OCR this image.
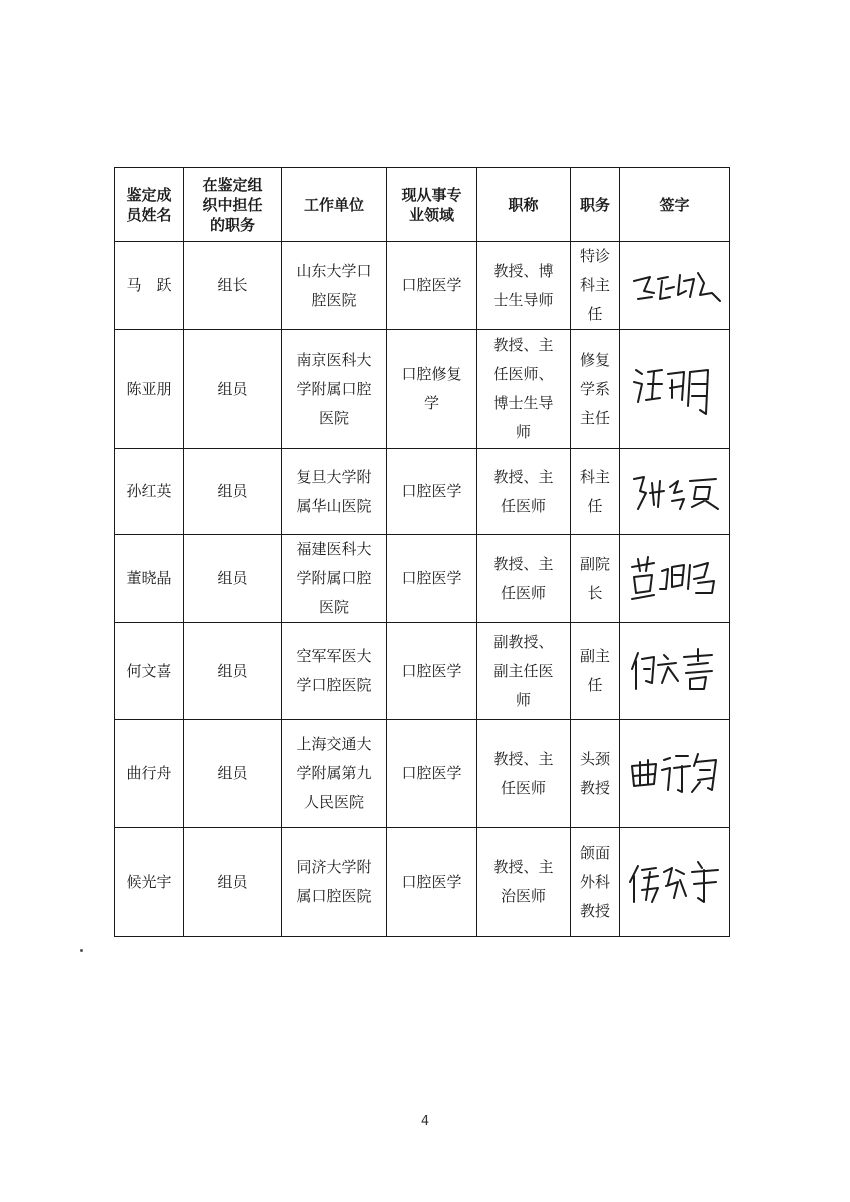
鉴定成员姓名	在鉴定组织中担任的职务	工作单位	现从事专业领域	职称	职务	签字

马　跃	组长	山东大学口腔医院	口腔医学	教授、博士生导师	特诊科主任

陈亚朋	组员	南京医科大学附属口腔医院	口腔修复学	教授、主任医师、博士生导师	修复学系主任

孙红英	组员	复旦大学附属华山医院	口腔医学	教授、主任医师	科主任

董晓晶	组员	福建医科大学附属口腔医院	口腔医学	教授、主任医师	副院长

何文喜	组员	空军军医大学口腔医院	口腔医学	副教授、副主任医师	副主任

曲行舟	组员	上海交通大学附属第九人民医院	口腔医学	教授、主任医师	头颈教授

候光宇	组员	同济大学附属口腔医院	口腔医学	教授、主治医师	颌面外科教授

4
